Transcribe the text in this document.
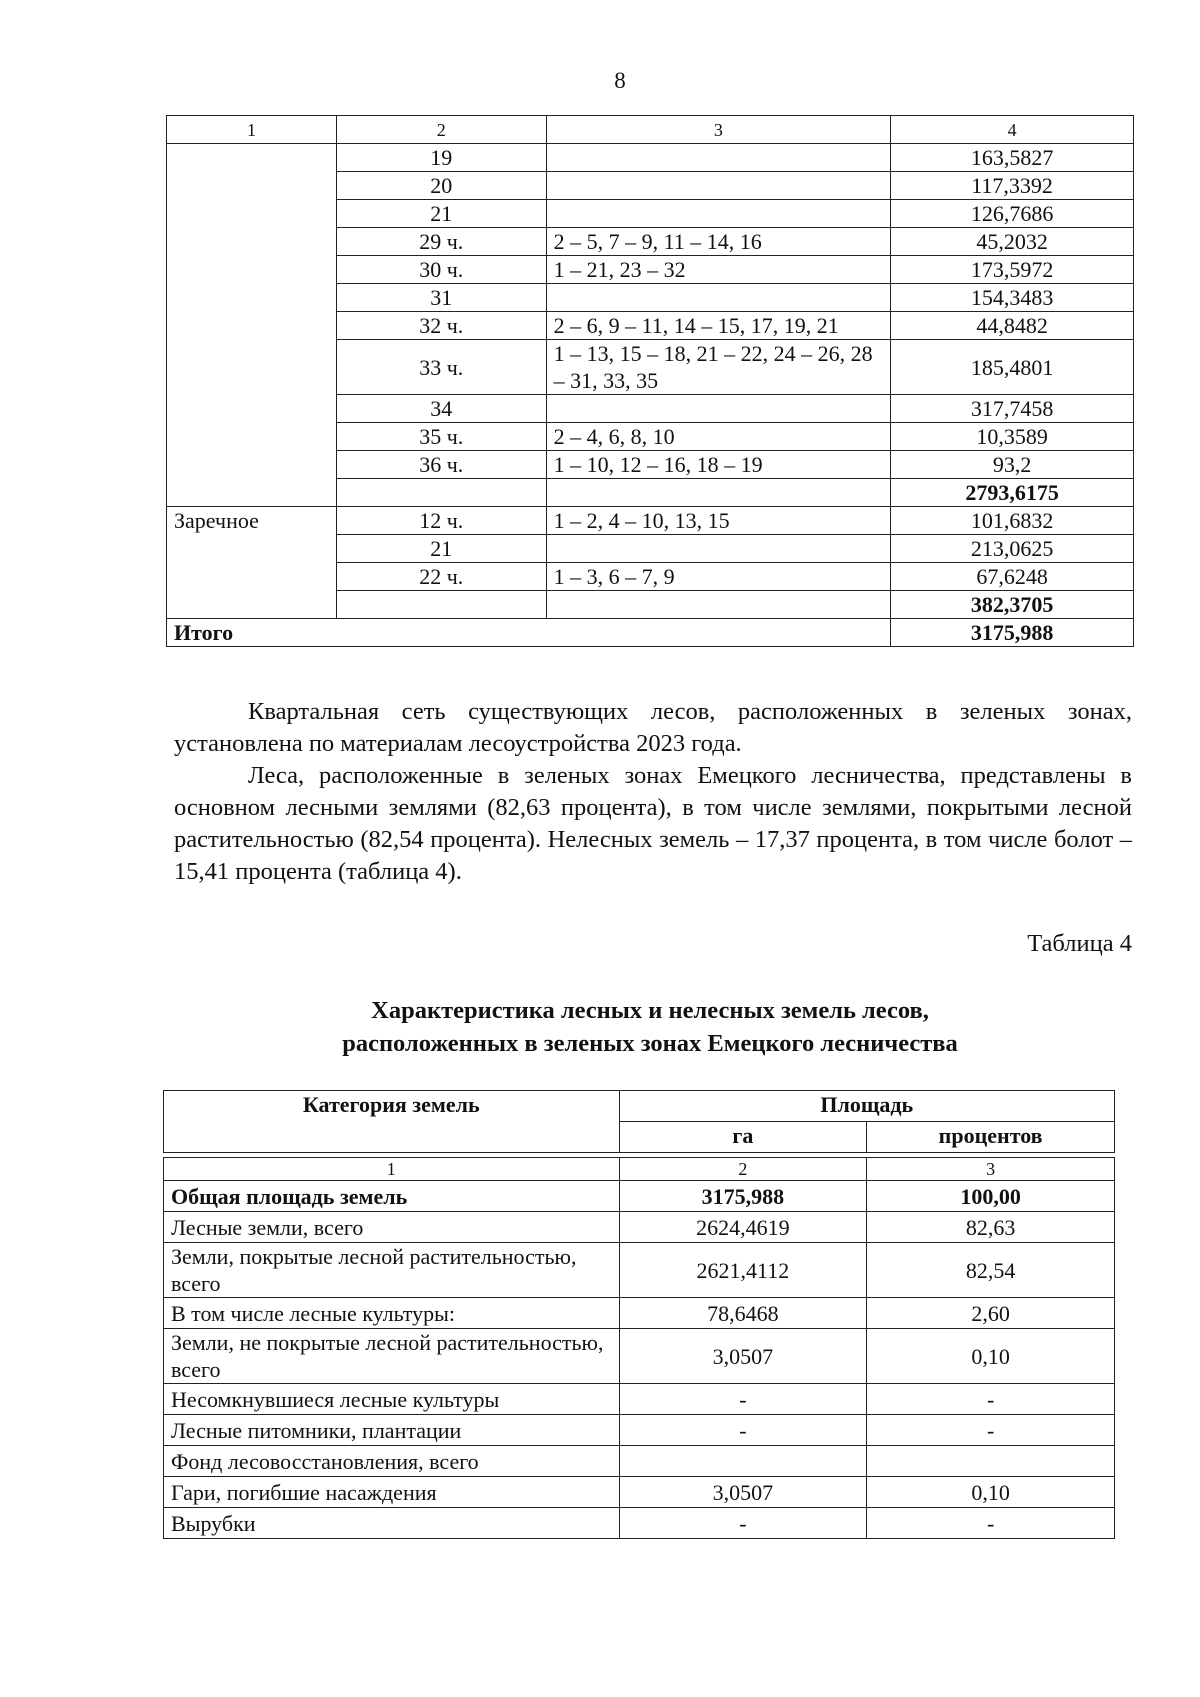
8
1	2	3	4
	19		163,5827
	20		117,3392
	21		126,7686
	29 ч.	2 – 5, 7 – 9, 11 – 14, 16	45,2032
	30 ч.	1 – 21, 23 – 32	173,5972
	31		154,3483
	32 ч.	2 – 6, 9 – 11, 14 – 15, 17, 19, 21	44,8482
	33 ч.	1 – 13, 15 – 18, 21 – 22, 24 – 26, 28 – 31, 33, 35	185,4801
	34		317,7458
	35 ч.	2 – 4, 6, 8, 10	10,3589
	36 ч.	1 – 10, 12 – 16, 18 – 19	93,2
			2793,6175
Заречное	12 ч.	1 – 2, 4 – 10, 13, 15	101,6832
	21		213,0625
	22 ч.	1 – 3, 6 – 7, 9	67,6248
			382,3705
Итого			3175,988

Квартальная сеть существующих лесов, расположенных в зеленых зонах, установлена по материалам лесоустройства 2023 года.

Леса, расположенные в зеленых зонах Емецкого лесничества, представлены в основном лесными землями (82,63 процента), в том числе землями, покрытыми лесной растительностью (82,54 процента). Нелесных земель – 17,37 процента, в том числе болот – 15,41 процента (таблица 4).

Таблица 4
Характеристика лесных и нелесных земель лесов,
расположенных в зеленых зонах Емецкого лесничества
Категория земель	Площадь	
	га	процентов

1	2	3
Общая площадь земель	3175,988	100,00
Лесные земли, всего	2624,4619	82,63
Земли, покрытые лесной растительностью, всего	2621,4112	82,54
В том числе лесные культуры:	78,6468	2,60
Земли, не покрытые лесной растительностью, всего	3,0507	0,10
Несомкнувшиеся лесные культуры	-	-
Лесные питомники, плантации	-	-
Фонд лесовосстановления, всего		
Гари, погибшие насаждения	3,0507	0,10
Вырубки	-	-
